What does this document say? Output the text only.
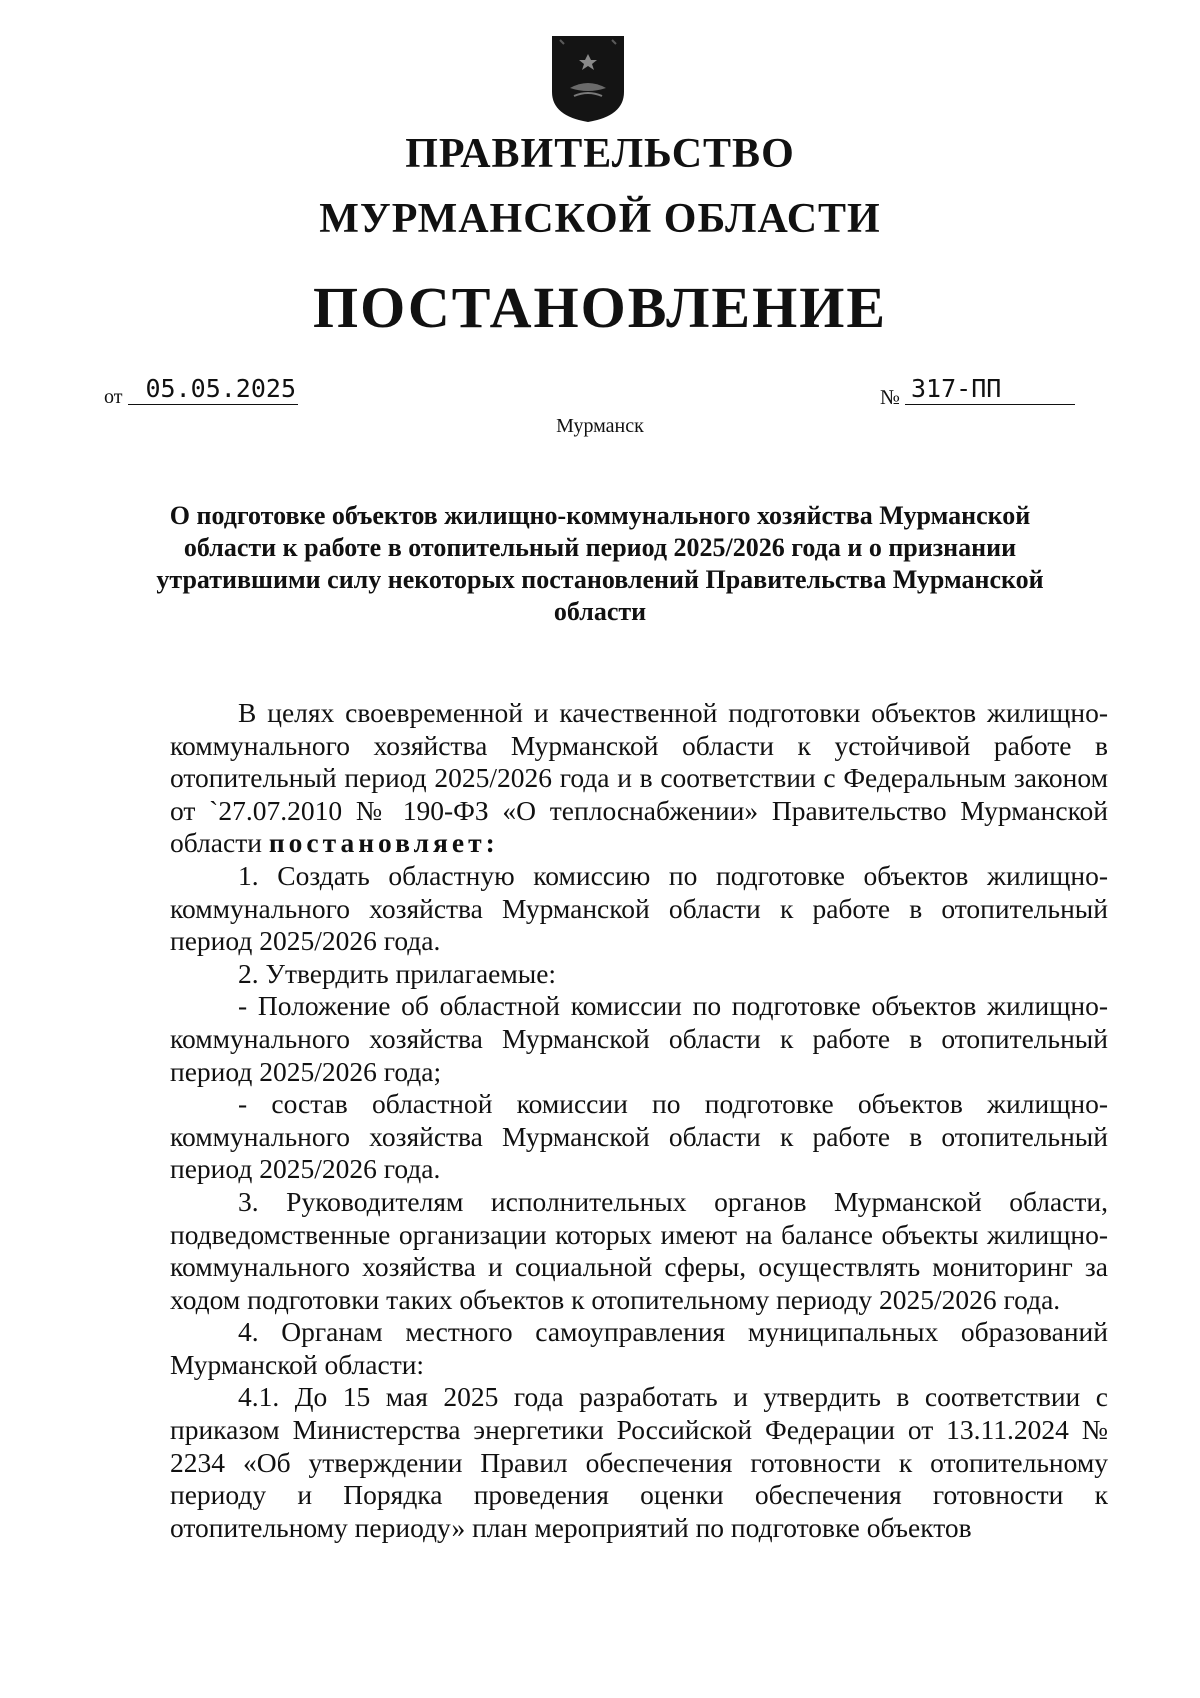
ПРАВИТЕЛЬСТВО
МУРМАНСКОЙ ОБЛАСТИ
ПОСТАНОВЛЕНИЕ
от 05.05.2025	№ 317-ПП
Мурманск
О подготовке объектов жилищно-коммунального хозяйства Мурманской области к работе в отопительный период 2025/2026 года и о признании утратившими силу некоторых постановлений Правительства Мурманской области

В целях своевременной и качественной подготовки объектов жилищно-коммунального хозяйства Мурманской области к устойчивой работе в отопительный период 2025/2026 года и в соответствии с Федеральным законом от `27.07.2010 № 190-ФЗ «О теплоснабжении» Правительство Мурманской области постановляет:

1. Создать областную комиссию по подготовке объектов жилищно-коммунального хозяйства Мурманской области к работе в отопительный период 2025/2026 года.

2. Утвердить прилагаемые:

- Положение об областной комиссии по подготовке объектов жилищно-коммунального хозяйства Мурманской области к работе в отопительный период 2025/2026 года;

- состав областной комиссии по подготовке объектов жилищно-коммунального хозяйства Мурманской области к работе в отопительный период 2025/2026 года.

3. Руководителям исполнительных органов Мурманской области, подведомственные организации которых имеют на балансе объекты жилищно-коммунального хозяйства и социальной сферы, осуществлять мониторинг за ходом подготовки таких объектов к отопительному периоду 2025/2026 года.

4. Органам местного самоуправления муниципальных образований Мурманской области:

4.1. До 15 мая 2025 года разработать и утвердить в соответствии с приказом Министерства энергетики Российской Федерации от 13.11.2024 № 2234 «Об утверждении Правил обеспечения готовности к отопительному периоду и Порядка проведения оценки обеспечения готовности к отопительному периоду» план мероприятий по подготовке объектов
